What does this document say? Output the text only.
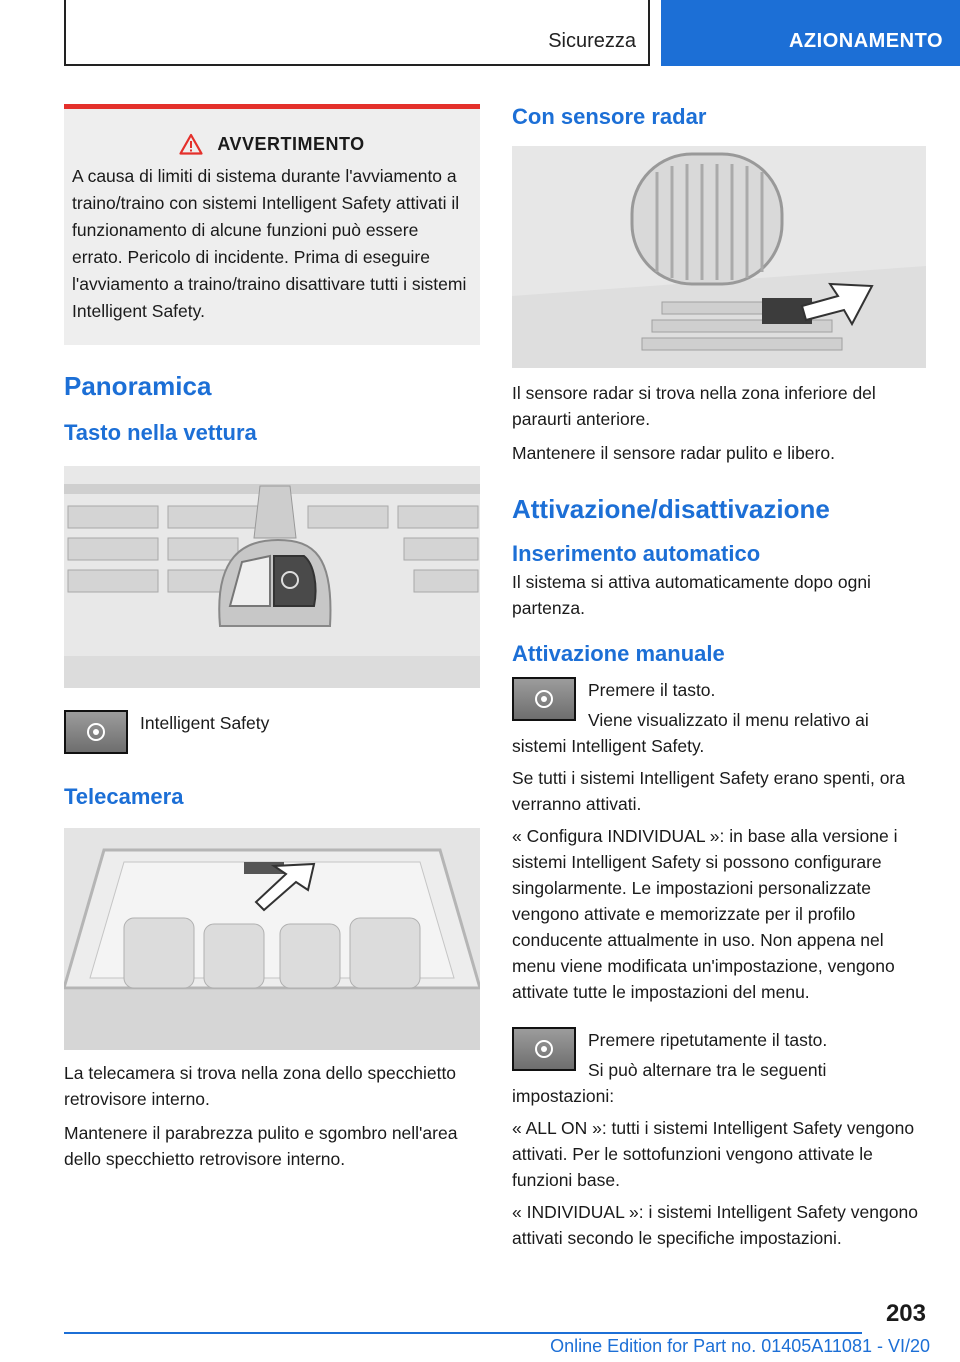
Sicurezza	AZIONAMENTO
AVVERTIMENTO
A causa di limiti di sistema durante l'avviamento a traino/traino con sistemi Intelligent Safety attivati il funzionamento di alcune funzioni può essere errato. Pericolo di incidente. Prima di eseguire l'avviamento a traino/traino disattivare tutti i sistemi Intelligent Safety.
Panoramica
Tasto nella vettura
Intelligent Safety
Telecamera
La telecamera si trova nella zona dello specchietto retrovisore interno.
Mantenere il parabrezza pulito e sgombro nell'area dello specchietto retrovisore interno.
Con sensore radar
Il sensore radar si trova nella zona inferiore del paraurti anteriore.
Mantenere il sensore radar pulito e libero.
Attivazione/disattivazione
Inserimento automatico
Il sistema si attiva automaticamente dopo ogni partenza.
Attivazione manuale
Premere il tasto.
Viene visualizzato il menu relativo ai sistemi Intelligent Safety.
Se tutti i sistemi Intelligent Safety erano spenti, ora verranno attivati.
« Configura INDIVIDUAL »: in base alla versione i sistemi Intelligent Safety si possono configurare singolarmente. Le impostazioni personalizzate vengono attivate e memorizzate per il profilo conducente attualmente in uso. Non appena nel menu viene modificata un'impostazione, vengono attivate tutte le impostazioni del menu.
Premere ripetutamente il tasto.
Si può alternare tra le seguenti impostazioni:
« ALL ON »: tutti i sistemi Intelligent Safety vengono attivati. Per le sottofunzioni vengono attivate le funzioni base.
« INDIVIDUAL »: i sistemi Intelligent Safety vengono attivati secondo le specifiche impostazioni.
203
Online Edition for Part no. 01405A11081 - VI/20
